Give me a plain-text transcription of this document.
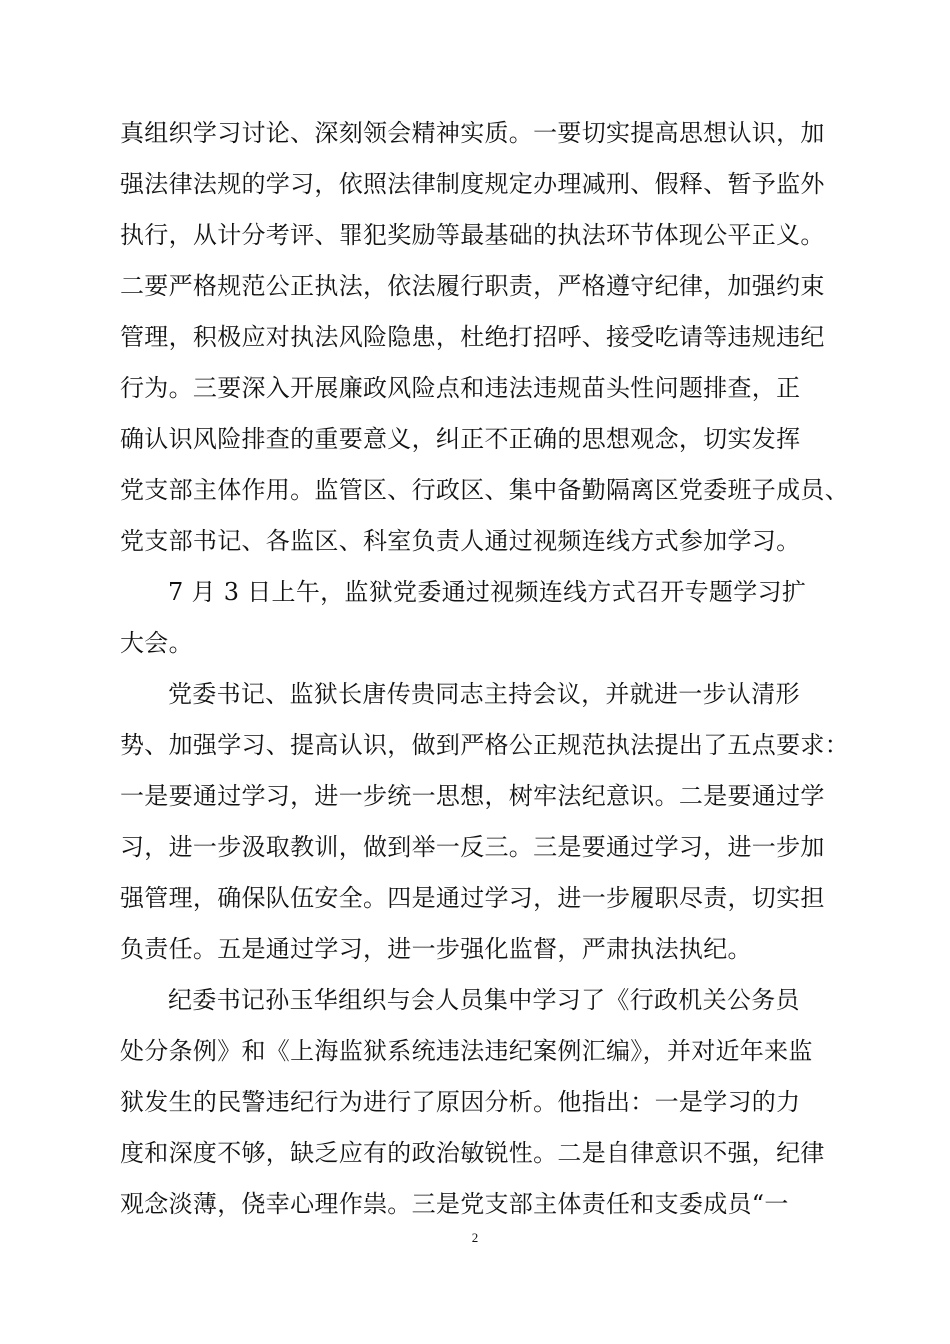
真组织学习讨论、深刻领会精神实质。一要切实提高思想认识，加
强法律法规的学习，依照法律制度规定办理减刑、假释、暂予监外
执行，从计分考评、罪犯奖励等最基础的执法环节体现公平正义。
二要严格规范公正执法，依法履行职责，严格遵守纪律，加强约束
管理，积极应对执法风险隐患，杜绝打招呼、接受吃请等违规违纪
行为。三要深入开展廉政风险点和违法违规苗头性问题排查，正
确认识风险排查的重要意义，纠正不正确的思想观念，切实发挥
党支部主体作用。监管区、行政区、集中备勤隔离区党委班子成员、
党支部书记、各监区、科室负责人通过视频连线方式参加学习。
7 月 3 日上午，监狱党委通过视频连线方式召开专题学习扩
大会。
党委书记、监狱长唐传贵同志主持会议，并就进一步认清形
势、加强学习、提高认识，做到严格公正规范执法提出了五点要求：
一是要通过学习，进一步统一思想，树牢法纪意识。二是要通过学
习，进一步汲取教训，做到举一反三。三是要通过学习，进一步加
强管理，确保队伍安全。四是通过学习，进一步履职尽责，切实担
负责任。五是通过学习，进一步强化监督，严肃执法执纪。
纪委书记孙玉华组织与会人员集中学习了《行政机关公务员
处分条例》和《上海监狱系统违法违纪案例汇编》，并对近年来监
狱发生的民警违纪行为进行了原因分析。他指出：一是学习的力
度和深度不够，缺乏应有的政治敏锐性。二是自律意识不强，纪律
观念淡薄，侥幸心理作祟。三是党支部主体责任和支委成员“一
2
